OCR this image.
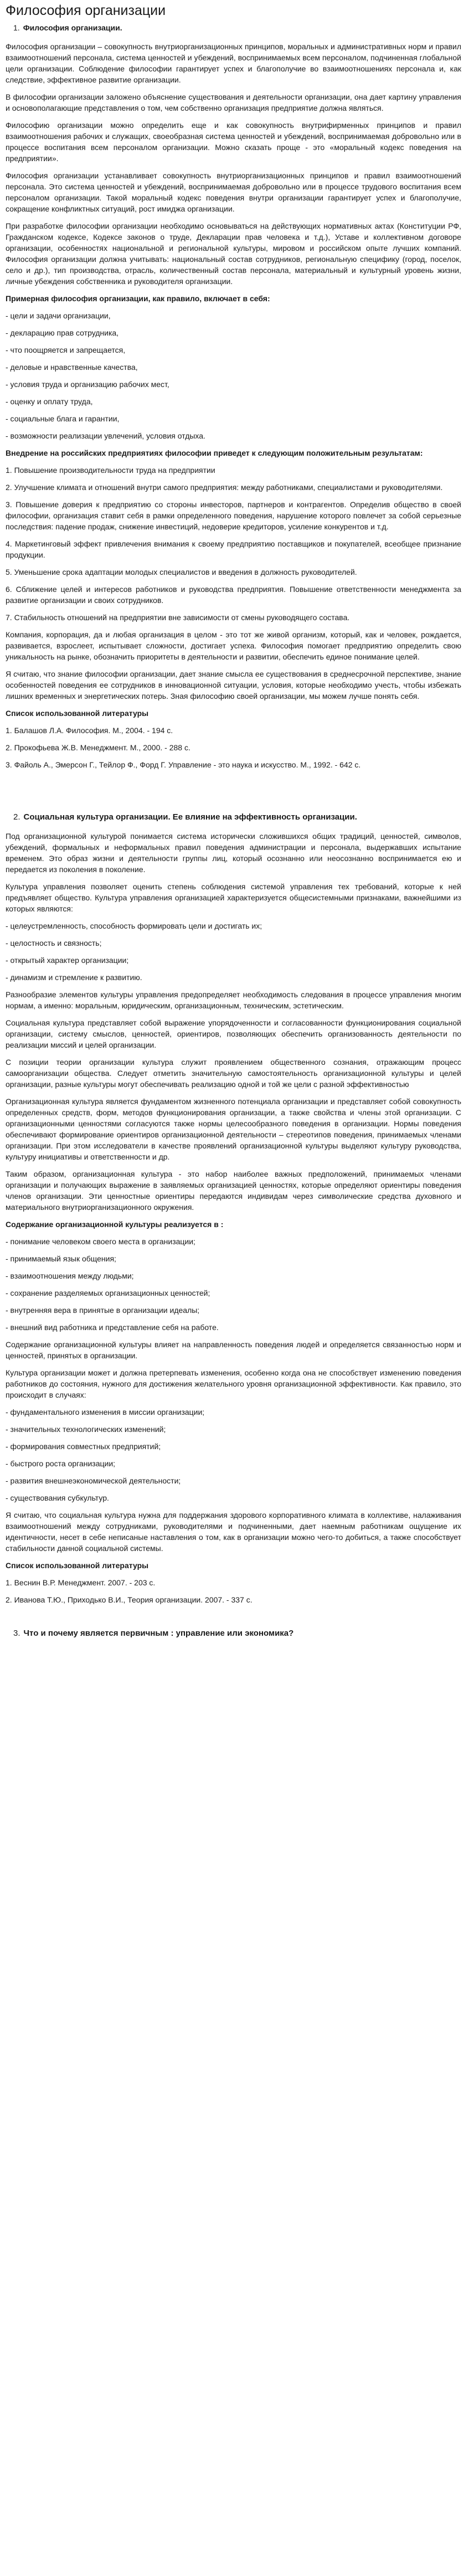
Философия организации
1. Философия организации.

Философия организации – совокупность внутриорганизационных принципов, моральных и административных норм и правил взаимоотношений персонала, система ценностей и убеждений, воспринимаемых всем персоналом, подчиненная глобальной цели организации. Соблюдение философии гарантирует успех и благополучие во взаимоотношениях персонала и, как следствие, эффективное развитие организации.

В философии организации заложено объяснение существования и деятельности организации, она дает картину управления и основополагающие представления о том, чем собственно организация предприятие должна являться.

Философию организации можно определить еще и как совокупность внутрифирменных принципов и правил взаимоотношения рабочих и служащих, своеобразная система ценностей и убеждений, воспринимаемая добровольно или в процессе воспитания всем персоналом организации. Можно сказать проще - это «моральный кодекс поведения на предприятии».

Философия организации устанавливает совокупность внутриорганизационных принципов и правил взаимоотношений персонала. Это система ценностей и убеждений, воспринимаемая добровольно или в процессе трудового воспитания всем персоналом организации. Такой моральный кодекс поведения внутри организации гарантирует успех и благополучие, сокращение конфликтных ситуаций, рост имиджа организации.

При разработке философии организации необходимо основываться на действующих нормативных актах (Конституции РФ, Гражданском кодексе, Кодексе законов о труде, Декларации прав человека и т.д.), Уставе и коллективном договоре организации, особенностях национальной и региональной культуры, мировом и российском опыте лучших компаний. Философия организации должна учитывать: национальный состав сотрудников, региональную специфику (город, поселок, село и др.), тип производства, отрасль, количественный состав персонала, материальный и культурный уровень жизни, личные убеждения собственника и руководителя организации.

Примерная философия организации, как правило, включает в себя:

- цели и задачи организации,
- декларацию прав сотрудника,
- что поощряется и запрещается,
- деловые и нравственные качества,
- условия труда и организацию рабочих мест,
- оценку и оплату труда,
- социальные блага и гарантии,
- возможности реализации увлечений, условия отдыха.

Внедрение на российских предприятиях философии приведет к следующим положительным результатам:

1. Повышение производительности труда на предприятии

2. Улучшение климата и отношений внутри самого предприятия: между работниками, специалистами и руководителями.

3. Повышение доверия к предприятию со стороны инвесторов, партнеров и контрагентов. Определив общество в своей философии, организация ставит себя в рамки определенного поведения, нарушение которого повлечет за собой серьезные последствия: падение продаж, снижение инвестиций, недоверие кредиторов, усиление конкурентов и т.д.

4. Маркетинговый эффект привлечения внимания к своему предприятию поставщиков и покупателей, всеобщее признание продукции.

5. Уменьшение срока адаптации молодых специалистов и введения в должность руководителей.

6. Сближение целей и интересов работников и руководства предприятия. Повышение ответственности менеджмента за развитие организации и своих сотрудников.

7. Стабильность отношений на предприятии вне зависимости от смены руководящего состава.

Компания, корпорация, да и любая организация в целом - это тот же живой организм, который, как и человек, рождается, развивается, взрослеет, испытывает сложности, достигает успеха. Философия помогает предприятию определить свою уникальность на рынке, обозначить приоритеты в деятельности и развитии, обеспечить единое понимание целей.

Я считаю, что знание философии организации, дает знание смысла ее существования в среднесрочной перспективе, знание особенностей поведения ее сотрудников в инновационной ситуации, условия, которые необходимо учесть, чтобы избежать лишних временных и энергетических потерь. Зная философию своей организации, мы можем лучше понять себя.

Список использованной литературы

1. Балашов Л.А. Философия. М., 2004. - 194 с.

2. Прокофьева Ж.В. Менеджмент. М., 2000. - 288 с.

3. Файоль А., Эмерсон Г., Тейлор Ф., Форд Г. Управление - это наука и искусство. М., 1992. - 642 с.

2. Социальная культура организации. Ее влияние на эффективность организации.

Под организационной культурой понимается система исторически сложившихся общих традиций, ценностей, символов, убеждений, формальных и неформальных правил поведения администрации и персонала, выдержавших испытание временем. Это образ жизни и деятельности группы лиц, который осознанно или неосознанно воспринимается ею и передается из поколения в поколение.

Культура управления позволяет оценить степень соблюдения системой управления тех требований, которые к ней предъявляет общество. Культура управления организацией характеризуется общесистемными признаками, важнейшими из которых являются:

- целеустремленность, способность формировать цели и достигать их;
- целостность и связность;
- открытый характер организации;
- динамизм и стремление к развитию.

Разнообразие элементов культуры управления предопределяет необходимость следования в процессе управления многим нормам, а именно: моральным, юридическим, организационным, техническим, эстетическим.

Социальная культура представляет собой выражение упорядоченности и согласованности функционирования социальной организации, систему смыслов, ценностей, ориентиров, позволяющих обеспечить организованность деятельности по реализации миссий и целей организации.

С позиции теории организации культура служит проявлением общественного сознания, отражающим процесс самоорганизации общества. Следует отметить значительную самостоятельность организационной культуры и целей организации, разные культуры могут обеспечивать реализацию одной и той же цели с разной эффективностью

Организационная культура является фундаментом жизненного потенциала организации и представляет собой совокупность определенных средств, форм, методов функционирования организации, а также свойства и члены этой организации. С организационными ценностями согласуются также нормы целесообразного поведения в организации. Нормы поведения обеспечивают формирование ориентиров организационной деятельности – стереотипов поведения, принимаемых членами организации. При этом исследователи в качестве проявлений организационной культуры выделяют культуру руководства, культуру инициативы и ответственности и др.

Таким образом, организационная культура - это набор наиболее важных предположений, принимаемых членами организации и получающих выражение в заявляемых организацией ценностях, которые определяют ориентиры поведения членов организации. Эти ценностные ориентиры передаются индивидам через символические средства духовного и материального внутриорганизационного окружения.

Содержание организационной культуры реализуется в :

- понимание человеком своего места в организации;
- принимаемый язык общения;
- взаимоотношения между людьми;
- сохранение разделяемых организационных ценностей;
- внутренняя вера в принятые в организации идеалы;
- внешний вид работника и представление себя на работе.

Содержание организационной культуры влияет на направленность поведения людей и определяется связанностью норм и ценностей, принятых в организации.

Культура организации может и должна претерпевать изменения, особенно когда она не способствует изменению поведения работников до состояния, нужного для достижения желательного уровня организационной эффективности. Как правило, это происходит в случаях:

- фундаментального изменения в миссии организации;
- значительных технологических изменений;
- формирования совместных предприятий;
- быстрого роста организации;
- развития внешнеэкономической деятельности;
- существования субкультур.

Я считаю, что социальная культура нужна для поддержания здорового корпоративного климата в коллективе, налаживания взаимоотношений между сотрудниками, руководителями и подчиненными, дает наемным работникам ощущение их идентичности, несет в себе неписаные наставления о том, как в организации можно чего-то добиться, а также способствует стабильности данной социальной системы.

Список использованной литературы

1. Веснин В.Р. Менеджмент. 2007. - 203 с.

2. Иванова Т.Ю., Приходько В.И., Теория организации. 2007. - 337 с.

3. Что и почему является первичным : управление или экономика?
